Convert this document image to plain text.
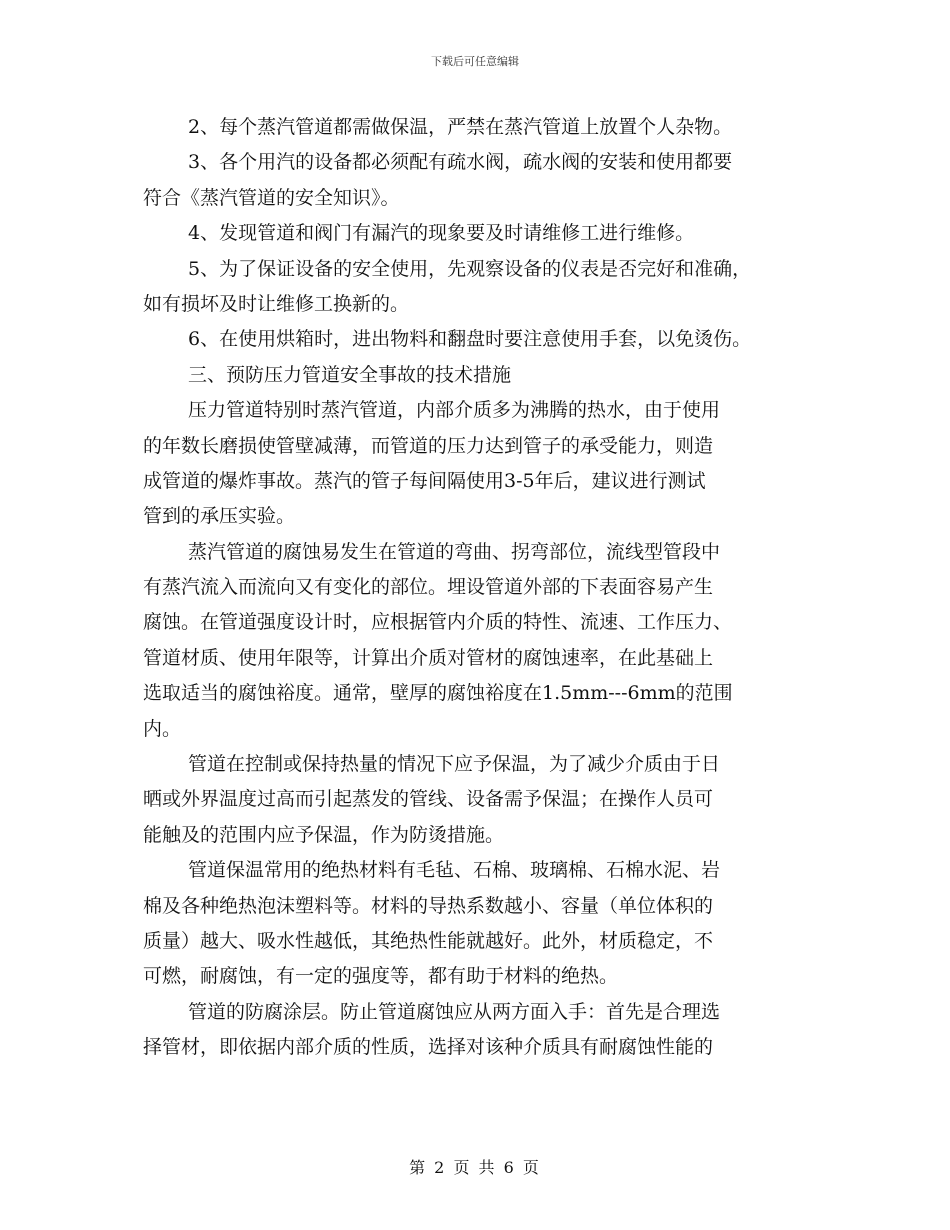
下载后可任意编辑
2、每个蒸汽管道都需做保温，严禁在蒸汽管道上放置个人杂物。
3、各个用汽的设备都必须配有疏水阀，疏水阀的安装和使用都要
符合《蒸汽管道的安全知识》。
4、发现管道和阀门有漏汽的现象要及时请维修工进行维修。
5、为了保证设备的安全使用，先观察设备的仪表是否完好和准确，
如有损坏及时让维修工换新的。
6、在使用烘箱时，进出物料和翻盘时要注意使用手套，以免烫伤。
三、预防压力管道安全事故的技术措施
压力管道特别时蒸汽管道，内部介质多为沸腾的热水，由于使用
的年数长磨损使管壁减薄，而管道的压力达到管子的承受能力，则造
成管道的爆炸事故。蒸汽的管子每间隔使用3-5年后，建议进行测试
管到的承压实验。
蒸汽管道的腐蚀易发生在管道的弯曲、拐弯部位，流线型管段中
有蒸汽流入而流向又有变化的部位。埋设管道外部的下表面容易产生
腐蚀。在管道强度设计时，应根据管内介质的特性、流速、工作压力、
管道材质、使用年限等，计算出介质对管材的腐蚀速率，在此基础上
选取适当的腐蚀裕度。通常，壁厚的腐蚀裕度在1.5mm---6mm的范围
内。
管道在控制或保持热量的情况下应予保温，为了减少介质由于日
晒或外界温度过高而引起蒸发的管线、设备需予保温；在操作人员可
能触及的范围内应予保温，作为防烫措施。
管道保温常用的绝热材料有毛毡、石棉、玻璃棉、石棉水泥、岩
棉及各种绝热泡沫塑料等。材料的导热系数越小、容量（单位体积的
质量）越大、吸水性越低，其绝热性能就越好。此外，材质稳定，不
可燃，耐腐蚀，有一定的强度等，都有助于材料的绝热。
管道的防腐涂层。防止管道腐蚀应从两方面入手：首先是合理选
择管材，即依据内部介质的性质，选择对该种介质具有耐腐蚀性能的
第 2 页 共 6 页
